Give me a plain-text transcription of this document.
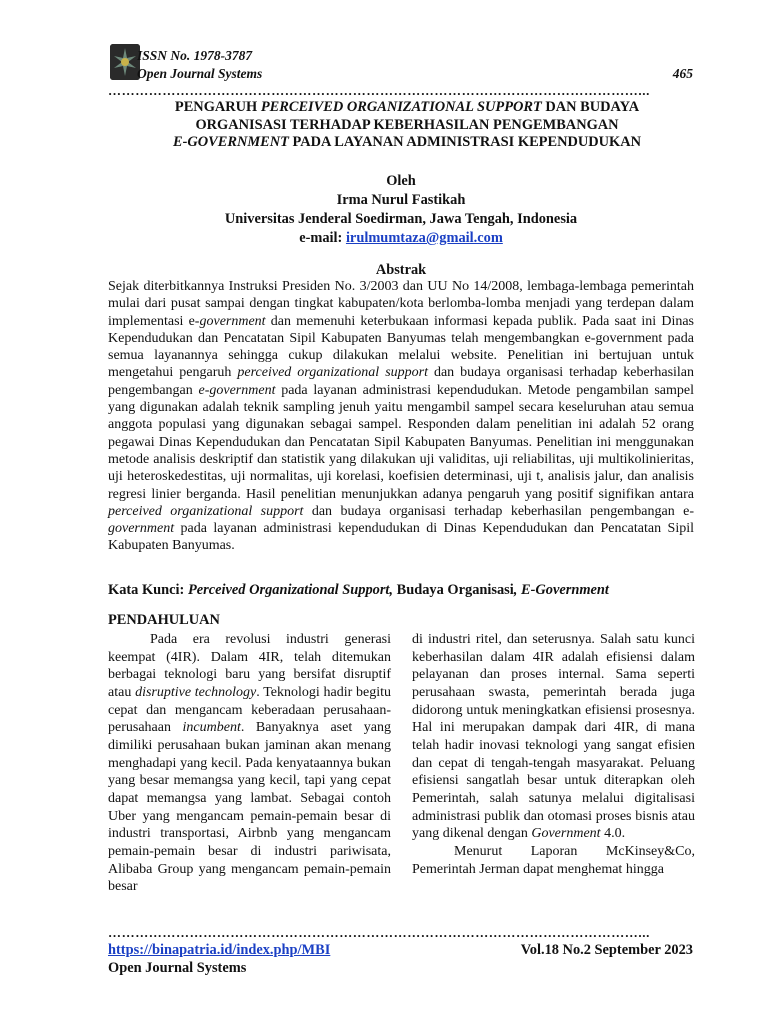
ISSN No. 1978-3787
Open Journal Systems	465
………………………………………………………………………………………………………...
PENGARUH PERCEIVED ORGANIZATIONAL SUPPORT DAN BUDAYA
ORGANISASI TERHADAP KEBERHASILAN PENGEMBANGAN
E-GOVERNMENT PADA LAYANAN ADMINISTRASI KEPENDUDUKAN
Oleh
Irma Nurul Fastikah
Universitas Jenderal Soedirman, Jawa Tengah, Indonesia
e-mail: irulmumtaza@gmail.com
Abstrak
Sejak diterbitkannya Instruksi Presiden No. 3/2003 dan UU No 14/2008, lembaga-lembaga pemerintah mulai dari pusat sampai dengan tingkat kabupaten/kota berlomba-lomba menjadi yang terdepan dalam implementasi e-government dan memenuhi keterbukaan informasi kepada publik. Pada saat ini Dinas Kependudukan dan Pencatatan Sipil Kabupaten Banyumas telah mengembangkan e-government pada semua layanannya sehingga cukup dilakukan melalui website. Penelitian ini bertujuan untuk mengetahui pengaruh perceived organizational support dan budaya organisasi terhadap keberhasilan pengembangan e-government pada layanan administrasi kependudukan. Metode pengambilan sampel yang digunakan adalah teknik sampling jenuh yaitu mengambil sampel secara keseluruhan atau semua anggota populasi yang digunakan sebagai sampel. Responden dalam penelitian ini adalah 52 orang pegawai Dinas Kependudukan dan Pencatatan Sipil Kabupaten Banyumas. Penelitian ini menggunakan metode analisis deskriptif dan statistik yang dilakukan uji validitas, uji reliabilitas, uji multikolinieritas, uji heteroskedestitas, uji normalitas, uji korelasi, koefisien determinasi, uji t, analisis jalur, dan analisis regresi linier berganda. Hasil penelitian menunjukkan adanya pengaruh yang positif signifikan antara perceived organizational support dan budaya organisasi terhadap keberhasilan pengembangan e-government pada layanan administrasi kependudukan di Dinas Kependudukan dan Pencatatan Sipil Kabupaten Banyumas.
Kata Kunci: Perceived Organizational Support, Budaya Organisasi, E-Government
PENDAHULUAN

Pada era revolusi industri generasi keempat (4IR). Dalam 4IR, telah ditemukan berbagai teknologi baru yang bersifat disruptif atau disruptive technology. Teknologi hadir begitu cepat dan mengancam keberadaan perusahaan-perusahaan incumbent. Banyaknya aset yang dimiliki perusahaan bukan jaminan akan menang menghadapi yang kecil. Pada kenyataannya bukan yang besar memangsa yang kecil, tapi yang cepat dapat memangsa yang lambat. Sebagai contoh Uber yang mengancam pemain-pemain besar di industri transportasi, Airbnb yang mengancam pemain-pemain besar di industri pariwisata, Alibaba Group yang mengancam pemain-pemain besar

di industri ritel, dan seterusnya. Salah satu kunci keberhasilan dalam 4IR adalah efisiensi dalam pelayanan dan proses internal. Sama seperti perusahaan swasta, pemerintah berada juga didorong untuk meningkatkan efisiensi prosesnya. Hal ini merupakan dampak dari 4IR, di mana telah hadir inovasi teknologi yang sangat efisien dan cepat di tengah-tengah masyarakat. Peluang efisiensi sangatlah besar untuk diterapkan oleh Pemerintah, salah satunya melalui digitalisasi administrasi publik dan otomasi proses bisnis atau yang dikenal dengan Government 4.0.

Menurut Laporan McKinsey&Co, Pemerintah Jerman dapat menghemat hingga

………………………………………………………………………………………………………...
https://binapatria.id/index.php/MBI	Vol.18 No.2 September 2023
Open Journal Systems
